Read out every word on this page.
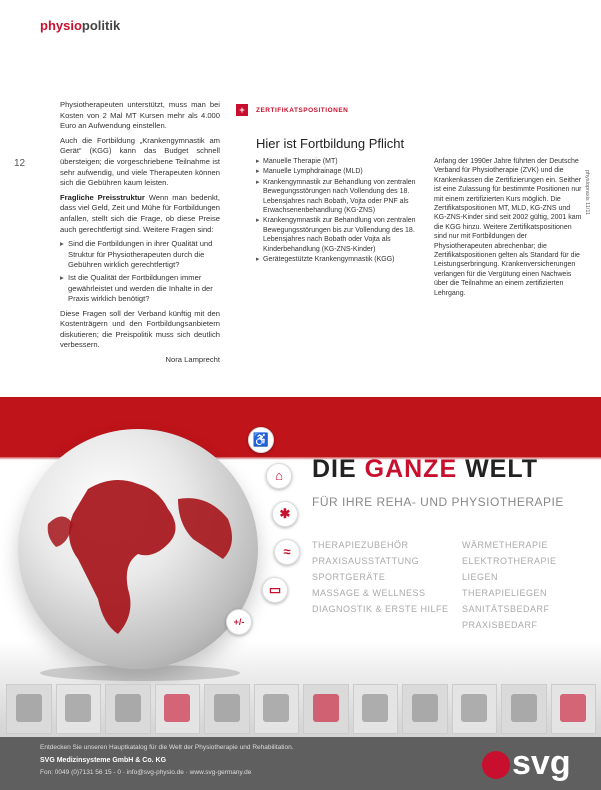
physiopolitik
12

Physiotherapeuten unterstützt, muss man bei Kosten von 2 Mal MT Kursen mehr als 4.000 Euro an Aufwendung einstellen.

Auch die Fortbildung „Krankengymnastik am Gerät“ (KGG) kann das Budget schnell übersteigen; die vorgeschriebene Teilnahme ist sehr aufwendig, und viele Therapeuten können sich die Gebühren kaum leisten.

Fragliche Preisstruktur Wenn man bedenkt, dass viel Geld, Zeit und Mühe für Fortbildungen anfallen, stellt sich die Frage, ob diese Preise auch gerechtfertigt sind. Weitere Fragen sind:

▸ Sind die Fortbildungen in ihrer Qualität und Struktur für Physiotherapeuten durch die Gebühren wirklich gerechtfertigt?
▸ Ist die Qualität der Fortbildungen immer gewährleistet und werden die Inhalte in der Praxis wirklich benötigt?

Diese Fragen soll der Verband künftig mit den Kostenträgern und den Fortbildungsanbietern diskutieren; die Preispolitik muss sich deutlich verbessern.

Nora Lamprecht

+	ZERTIFIKATSPOSITIONEN
Hier ist Fortbildung Pflicht
▸ Manuelle Therapie (MT)
▸ Manuelle Lymphdrainage (MLD)
▸ Krankengymnastik zur Behandlung von zentralen Bewegungsstörungen nach Vollendung des 18. Lebensjahres nach Bobath, Vojta oder PNF als Erwachsenenbehandlung (KG-ZNS)
▸ Krankengymnastik zur Behandlung von zentralen Bewegungsstörungen bis zur Vollendung des 18. Lebensjahres nach Bobath oder Vojta als Kinderbehandlung (KG-ZNS-Kinder)
▸ Gerätegestützte Krankengymnastik (KGG)
Anfang der 1990er Jahre führten der Deutsche Verband für Physiotherapie (ZVK) und die Krankenkassen die Zertifizierungen ein. Seither ist eine Zulassung für bestimmte Positionen nur mit einem zertifizierten Kurs möglich. Die Zertifikatspositionen MT, MLD, KG-ZNS und KG-ZNS-Kinder sind seit 2002 gültig, 2001 kam die KGG hinzu. Weitere Zertifikatspositionen sind nur mit Fortbildungen der Physiotherapeuten abrechenbar; die Zertifikatspositionen gelten als Standard für die Leistungserbringung. Krankenversicherungen verlangen für die Vergütung einen Nachweis über die Teilnahme an einem zertifizierten Lehrgang.
physiopraxis 11/11
♿
⌂
✱
≈
▭
+/-
DIE GANZE WELT
FÜR IHRE REHA- UND PHYSIOTHERAPIE
THERAPIEZUBEHÖR
PRAXISAUSSTATTUNG
SPORTGERÄTE
MASSAGE & WELLNESS
DIAGNOSTIK & ERSTE HILFE
WÄRMETHERAPIE
ELEKTROTHERAPIE
LIEGEN
THERAPIELIEGEN
SANITÄTSBEDARF
PRAXISBEDARF
Entdecken Sie unseren Hauptkatalog für die Welt der Physiotherapie und Rehabilitation.
SVG Medizinsysteme GmbH & Co. KG
Fon: 0049 (0)7131 56 15 - 0 · info@svg-physio.de · www.svg-germany.de	svg
